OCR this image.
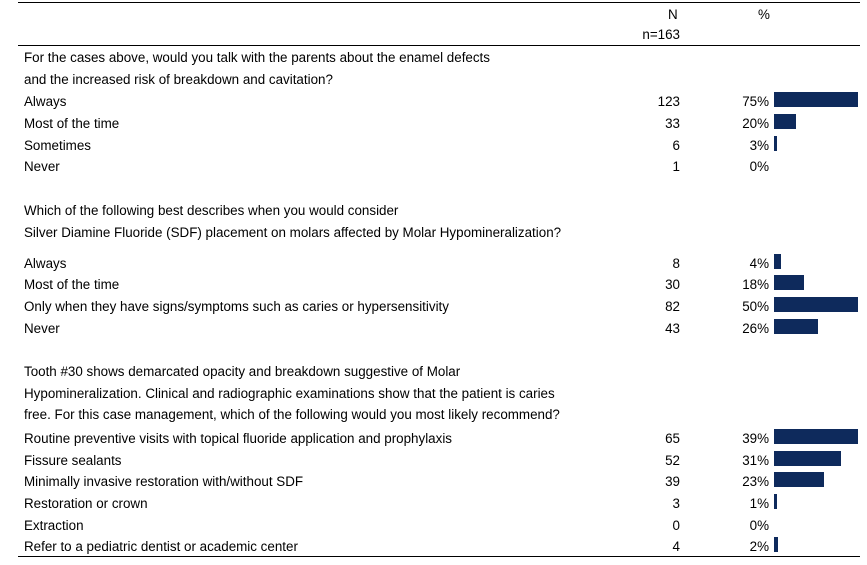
N	%
n=163
For the cases above, would you talk with the parents about the enamel defects
and the increased risk of breakdown and cavitation?
Always	123	75%
Most of the time	33	20%
Sometimes	6	3%
Never	1	0%
Which of the following best describes when you would consider
Silver Diamine Fluoride (SDF) placement on molars affected by Molar Hypomineralization?
Always	8	4%
Most of the time	30	18%
Only when they have signs/symptoms such as caries or hypersensitivity	82	50%
Never	43	26%
Tooth #30 shows demarcated opacity and breakdown suggestive of Molar
Hypomineralization. Clinical and radiographic examinations show that the patient is caries
free. For this case management, which of the following would you most likely recommend?
Routine preventive visits with topical fluoride application and prophylaxis	65	39%
Fissure sealants	52	31%
Minimally invasive restoration with/without SDF	39	23%
Restoration or crown	3	1%
Extraction	0	0%
Refer to a pediatric dentist or academic center	4	2%
